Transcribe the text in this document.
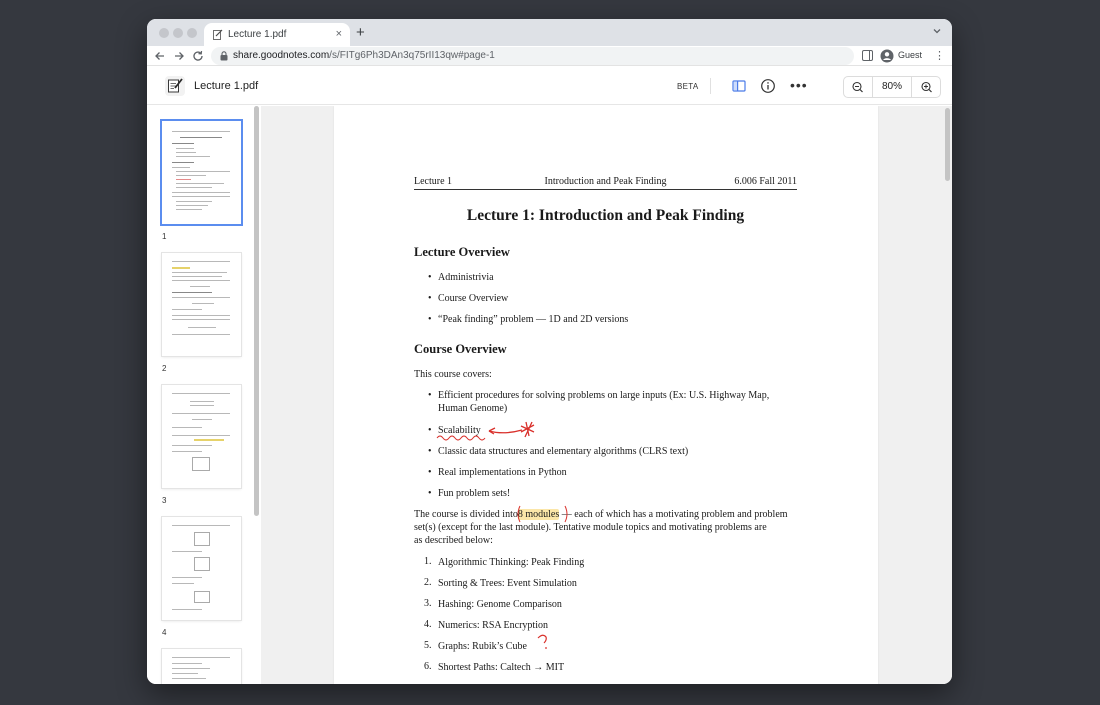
Lecture 1.pdf	× +
share.goodnotes.com/s/FITg6Ph3DAn3q75rII13qw#page-1	Guest ⋮
Lecture 1.pdf	BETA	•••	80%
1
2
3
4
Lecture 1	Introduction and Peak Finding	6.006 Fall 2011
Lecture 1: Introduction and Peak Finding
Lecture Overview
• Administrivia
• Course Overview
• “Peak finding” problem — 1D and 2D versions
Course Overview
This course covers:
• Efficient procedures for solving problems on large inputs (Ex: U.S. Highway Map,
Human Genome)
• Scalability
• Classic data structures and elementary algorithms (CLRS text)
• Real implementations in Python
• Fun problem sets!
The course is divided into8 modules — each of which has a motivating problem and problem
set(s) (except for the last module). Tentative module topics and motivating problems are
as described below:
1. Algorithmic Thinking: Peak Finding
2. Sorting & Trees: Event Simulation
3. Hashing: Genome Comparison
4. Numerics: RSA Encryption
5. Graphs: Rubik’s Cube
6. Shortest Paths: Caltech → MIT
